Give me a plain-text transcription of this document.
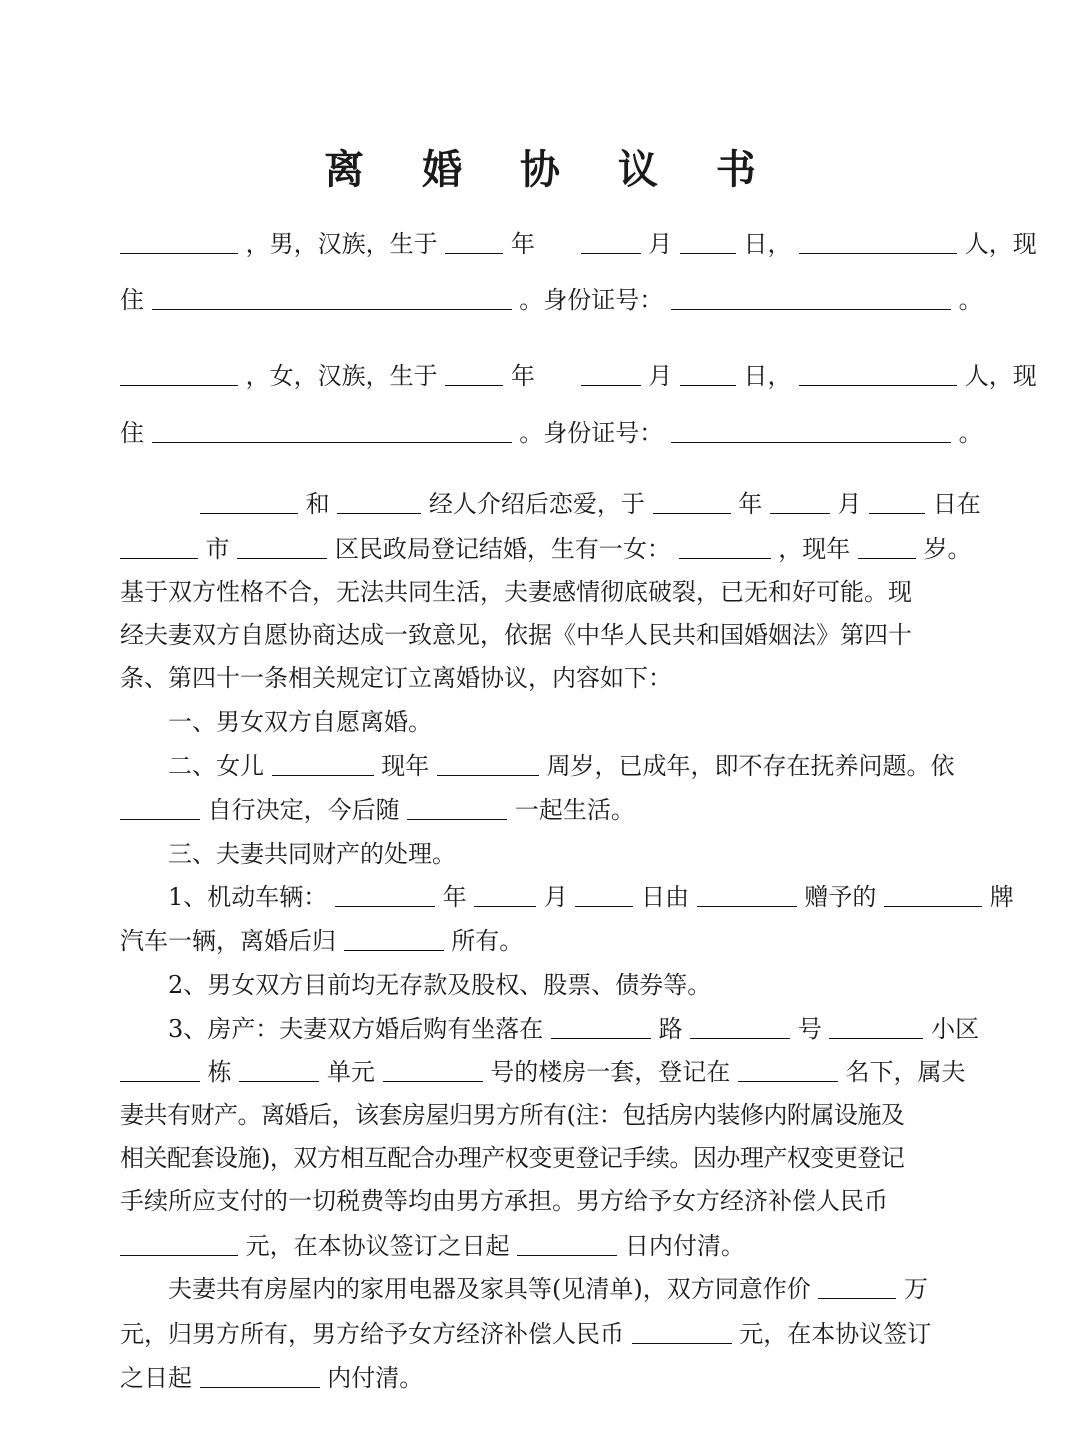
离 婚 协 议 书
，男，汉族，生于	年	月	日，	人，现
住	。身份证号：	。
，女，汉族，生于	年	月	日，	人，现
住	。身份证号：	。
和	经人介绍后恋爱，于	年	月	日在
市	区民政局登记结婚，生有一女：	，现年	岁。
基于双方性格不合，无法共同生活，夫妻感情彻底破裂，已无和好可能。现
经夫妻双方自愿协商达成一致意见，依据《中华人民共和国婚姻法》第四十
条、第四十一条相关规定订立离婚协议，内容如下：
一、男女双方自愿离婚。
二、女儿	现年	周岁，已成年，即不存在抚养问题。依
自行决定，今后随	一起生活。
三、夫妻共同财产的处理。
1、机动车辆：	年	月	日由	赠予的	牌
汽车一辆，离婚后归	所有。
2、男女双方目前均无存款及股权、股票、债券等。
3、房产：夫妻双方婚后购有坐落在	路	号	小区
栋	单元	号的楼房一套，登记在	名下，属夫
妻共有财产。离婚后，该套房屋归男方所有(注：包括房内装修内附属设施及
相关配套设施)，双方相互配合办理产权变更登记手续。因办理产权变更登记
手续所应支付的一切税费等均由男方承担。男方给予女方经济补偿人民币
元，在本协议签订之日起	日内付清。
夫妻共有房屋内的家用电器及家具等(见清单)，双方同意作价	万
元，归男方所有，男方给予女方经济补偿人民币	元，在本协议签订
之日起	内付清。
